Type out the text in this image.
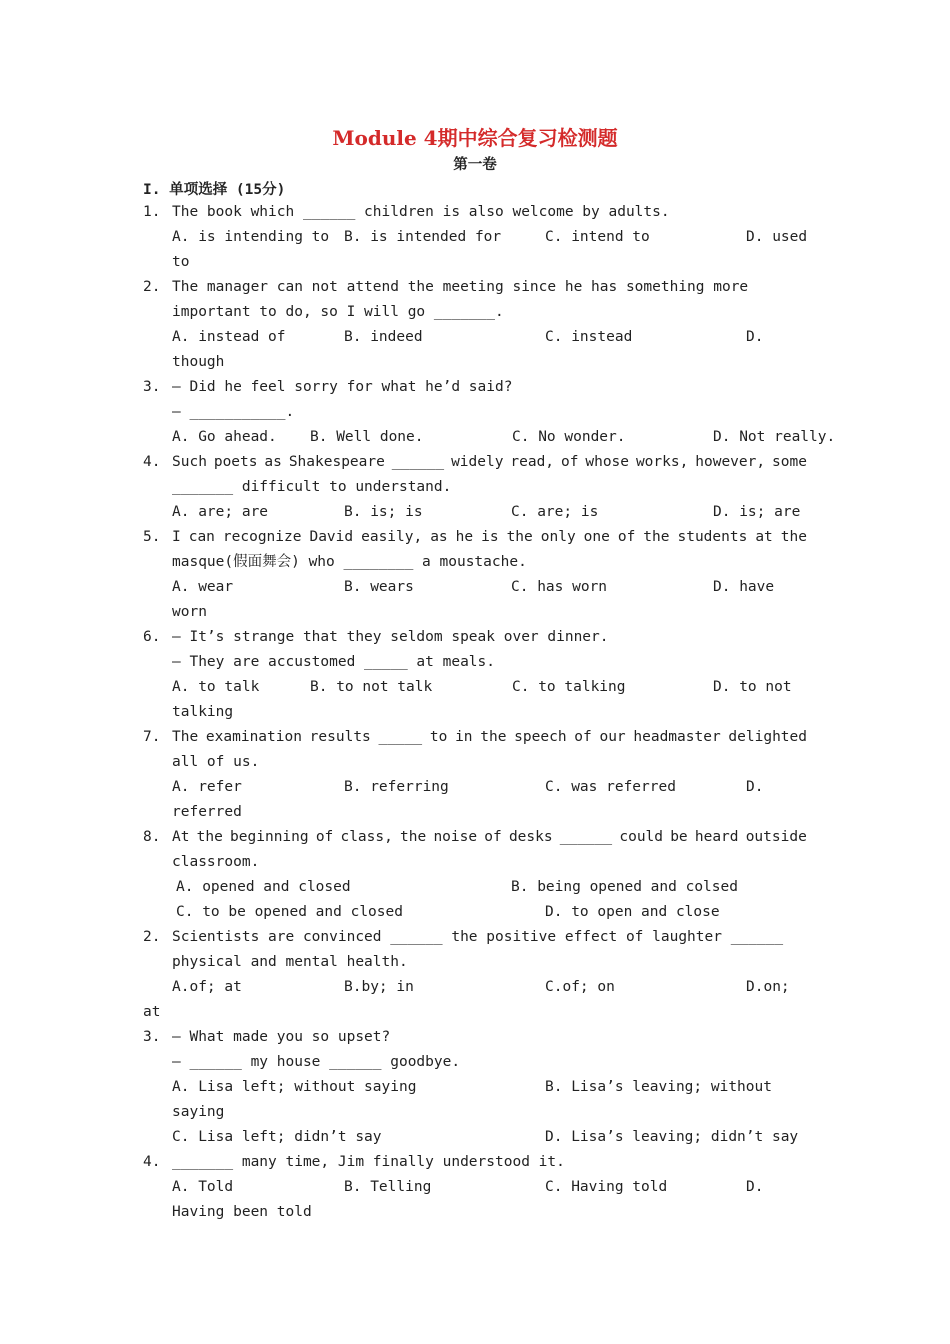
Module 4期中综合复习检测题
第一卷
I. 单项选择 (15分)
1. The book which ______ children is also welcome by adults.
A. is intending to B. is intended for	C. intend to	D. used
to
2. The manager can not attend the meeting since he has something more
important to do, so I will go _______.
A. instead of	B. indeed	C. instead	D.
though
3. — Did he feel sorry for what he’d said?
— ___________.
A. Go ahead. B. Well done.	C. No wonder.	D. Not really.
4. Such poets as Shakespeare ______ widely read, of whose works, however, some
_______ difficult to understand.
A. are; are	B. is; is	C. are; is	D. is; are
5. I can recognize David easily, as he is the only one of the students at the
masque(假面舞会) who ________ a moustache.
A. wear	B. wears	C. has worn	D. have
worn
6. — It’s strange that they seldom speak over dinner.
— They are accustomed _____ at meals.
A. to talk	B. to not talk	C. to talking	D. to not
talking
7. The examination results _____ to in the speech of our headmaster delighted
all of us.
A. refer	B. referring	C. was referred	D.
referred
8. At the beginning of class, the noise of desks ______ could be heard outside
classroom.
A. opened and closed	B. being opened and colsed
C. to be opened and closed	D. to open and close
2. Scientists are convinced ______ the positive effect of laughter ______
physical and mental health.
A.of; at	B.by; in	C.of; on	D.on;
at
3. — What made you so upset?
— ______ my house ______ goodbye.
A. Lisa left; without saying	B. Lisa’s leaving; without
saying
C. Lisa left; didn’t say	D. Lisa’s leaving; didn’t say
4. _______ many time, Jim finally understood it.
A. Told	B. Telling	C. Having told	D.
Having been told
